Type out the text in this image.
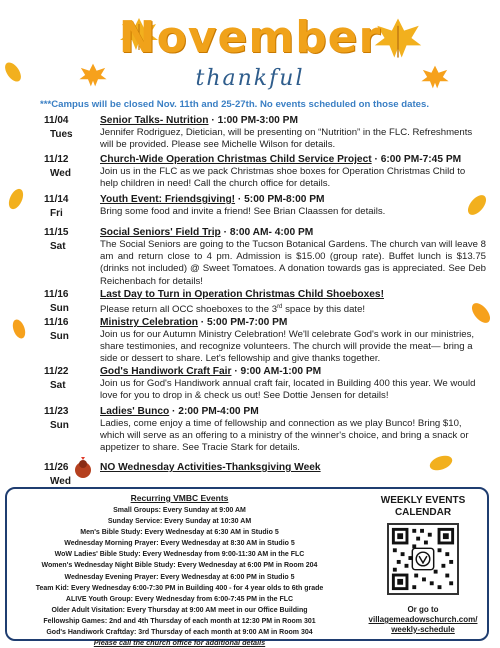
November
thankful
***Campus will be closed Nov. 11th and 25-27th. No events scheduled on those dates.
11/04
Tues
Senior Talks- Nutrition · 1:00 PM-3:00 PM
Jennifer Rodriguez, Dietician, will be presenting on “Nutrition” in the FLC. Refreshments will be provided. Please see Michelle Wilson for details.
11/12
Wed
Church-Wide Operation Christmas Child Service Project · 6:00 PM-7:45 PM
Join us in the FLC as we pack Christmas shoe boxes for Operation Christmas Child to help children in need! Call the church office for details.
11/14
Fri
Youth Event: Friendsgiving! · 5:00 PM-8:00 PM
Bring some food and invite a friend! See Brian Claassen for details.
11/15
Sat
Social Seniors' Field Trip · 8:00 AM- 4:00 PM
The Social Seniors are going to the Tucson Botanical Gardens. The church van will leave 8 am and return close to 4 pm. Admission is $15.00 (group rate). Buffet lunch is $13.75 (drinks not included) @ Sweet Tomatoes. A donation towards gas is appreciated. See Deb Reichenbach for details!
11/16
Sun
Last Day to Turn in Operation Christmas Child Shoeboxes!
Please return all OCC shoeboxes to the 3rd space by this date!
11/16
Sun
Ministry Celebration · 5:00 PM-7:00 PM
Join us for our Autumn Ministry Celebration! We'll celebrate God's work in our ministries, share testimonies, and recognize volunteers. The church will provide the meat— bring a side or dessert to share. Let's fellowship and give thanks together.
11/22
Sat
God's Handiwork Craft Fair · 9:00 AM-1:00 PM
Join us for God's Handiwork annual craft fair, located in Building 400 this year. We would love for you to drop in & check us out! See Dottie Jensen for details!
11/23
Sun
Ladies' Bunco · 2:00 PM-4:00 PM
Ladies, come enjoy a time of fellowship and connection as we play Bunco! Bring $10, which will serve as an offering to a ministry of the winner's choice, and bring a snack or appetizer to share. See Tracie Stark for details.
11/26
Wed
NO Wednesday Activities-Thanksgiving Week
Recurring VMBC Events
Small Groups: Every Sunday at 9:00 AM
Sunday Service: Every Sunday at 10:30 AM
Men's Bible Study: Every Wednesday at 6:30 AM in Studio 5
Wednesday Morning Prayer: Every Wednesday at 8:30 AM in Studio 5
WoW Ladies' Bible Study: Every Wednesday from 9:00-11:30 AM in the FLC
Women's Wednesday Night Bible Study: Every Wednesday at 6:00 PM in Room 204
Wednesday Evening Prayer: Every Wednesday at 6:00 PM in Studio 5
Team Kid: Every Wednesday 6:00-7:30 PM in Building 400 - for 4 year olds to 6th grade
ALIVE Youth Group: Every Wednesday from 6:00-7:45 PM in the FLC
Older Adult Visitation: Every Thursday at 9:00 AM meet in our Office Building
Fellowship Games: 2nd and 4th Thursday of each month at 12:30 PM in Room 301
God's Handiwork Craftday: 3rd Thursday of each month at 9:00 AM in Room 304
Please call the church office for additional details
WEEKLY EVENTS
CALENDAR
Or go to
villagemeadowschurch.com/
weekly-schedule
